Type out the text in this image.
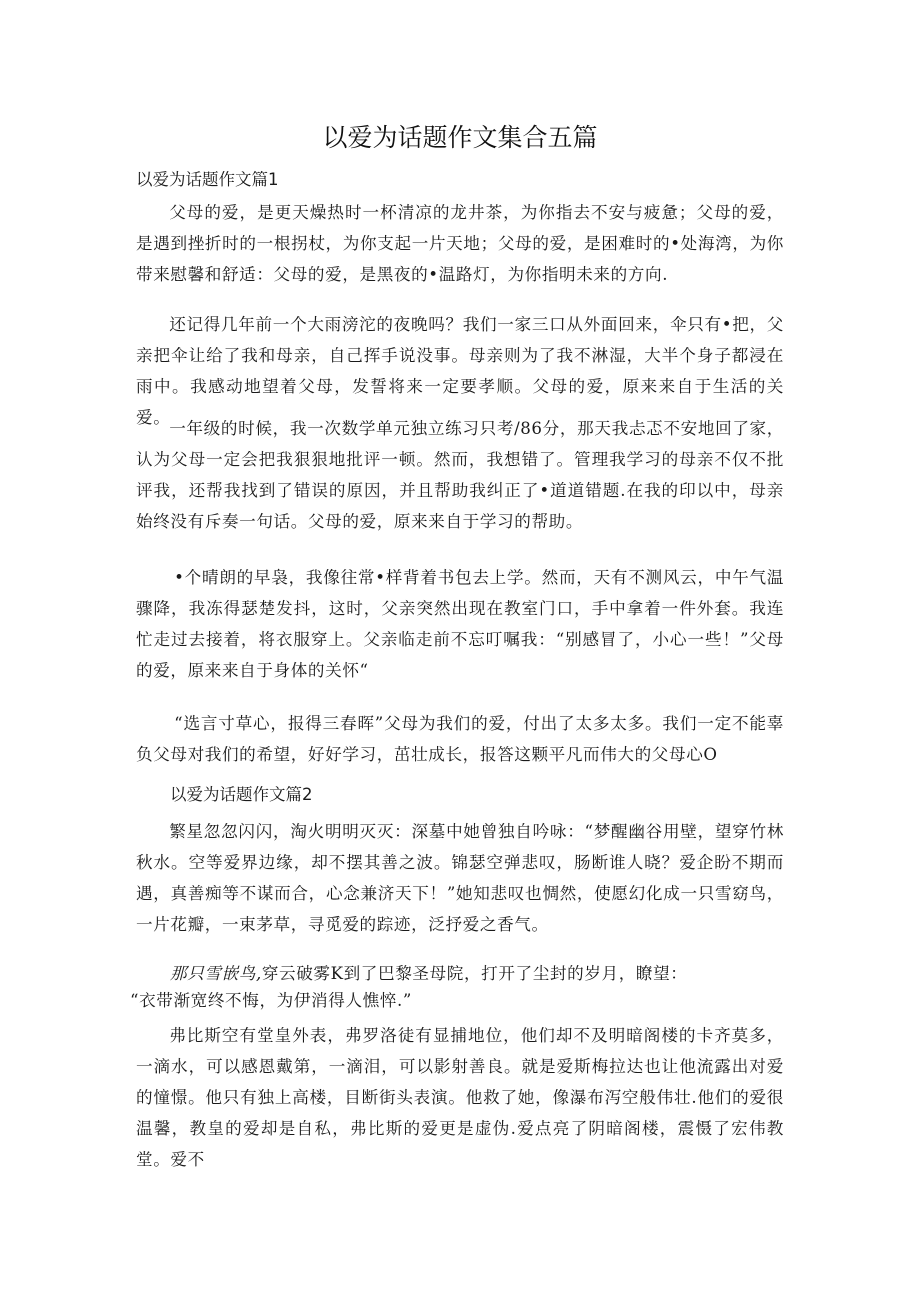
以爱为话题作文集合五篇
以爱为话题作文篇1

父母的爱，是更天燥热时一杯清凉的龙井茶，为你指去不安与疲惫；父母的爱，是遇到挫折时的一根拐杖，为你支起一片天地；父母的爱，是困难时的•处海湾，为你带来慰馨和舒适：父母的爱，是黑夜的•温路灯，为你指明未来的方向.

还记得几年前一个大雨滂沱的夜晚吗？我们一家三口从外面回来，伞只有•把，父亲把伞让给了我和母亲，自己挥手说没事。母亲则为了我不淋湿，大半个身子都浸在雨中。我感动地望着父母，发誓将来一定要孝顺。父母的爱，原来来自于生活的关爱。

一年级的时候，我一次数学单元独立练习只考/86分，那天我忐忑不安地回了家，认为父母一定会把我狠狠地批评一顿。然而，我想错了。管理我学习的母亲不仅不批评我，还帮我找到了错误的原因，并且帮助我纠正了•道道错题.在我的印以中，母亲始终没有斥奏一句话。父母的爱，原来来自于学习的帮助。

•个晴朗的早袅，我像往常•样背着书包去上学。然而，天有不测风云，中午气温骤降，我冻得瑟楚发抖，这时，父亲突然出现在教室门口，手中拿着一件外套。我连忙走过去接着，将衣服穿上。父亲临走前不忘叮嘱我：“别感冒了，小心一些！”父母的爱，原来来自于身体的关怀“

“选言寸草心，报得三春晖”父母为我们的爱，付出了太多太多。我们一定不能辜负父母对我们的希望，好好学习，茁壮成长，报答这颗平凡而伟大的父母心O

以爱为话题作文篇2

繁星忽忽闪闪，淘火明明灭灭：深墓中她曾独自吟咏：“梦醒幽谷用壁，望穿竹林秋水。空等爱界边缘，却不摆其善之波。锦瑟空弹悲叹，肠断谁人晓？爱企盼不期而遇，真善痴等不谋而合，心念兼济天下！”她知悲叹也惆然，使愿幻化成一只雪窈鸟，一片花瓣，一束茅草，寻觅爱的踪迹，泛抒爱之香气。

那只雪嵌鸟,穿云破雾K到了巴黎圣母院，打开了尘封的岁月，瞭望：
“衣带渐宽终不悔，为伊消得人憔悴.”

弗比斯空有堂皇外表，弗罗洛徒有显捕地位，他们却不及明暗阁楼的卡齐莫多，一滴水，可以感恩戴第，一滴泪，可以影射善良。就是爱斯梅拉达也让他流露出对爱的憧憬。他只有独上高楼，目断街头表演。他救了她，像瀑布泻空般伟壮.他们的爱很温馨，教皇的爱却是自私，弗比斯的爱更是虚伪.爱点亮了阴暗阁楼，震慑了宏伟教堂。爱不
